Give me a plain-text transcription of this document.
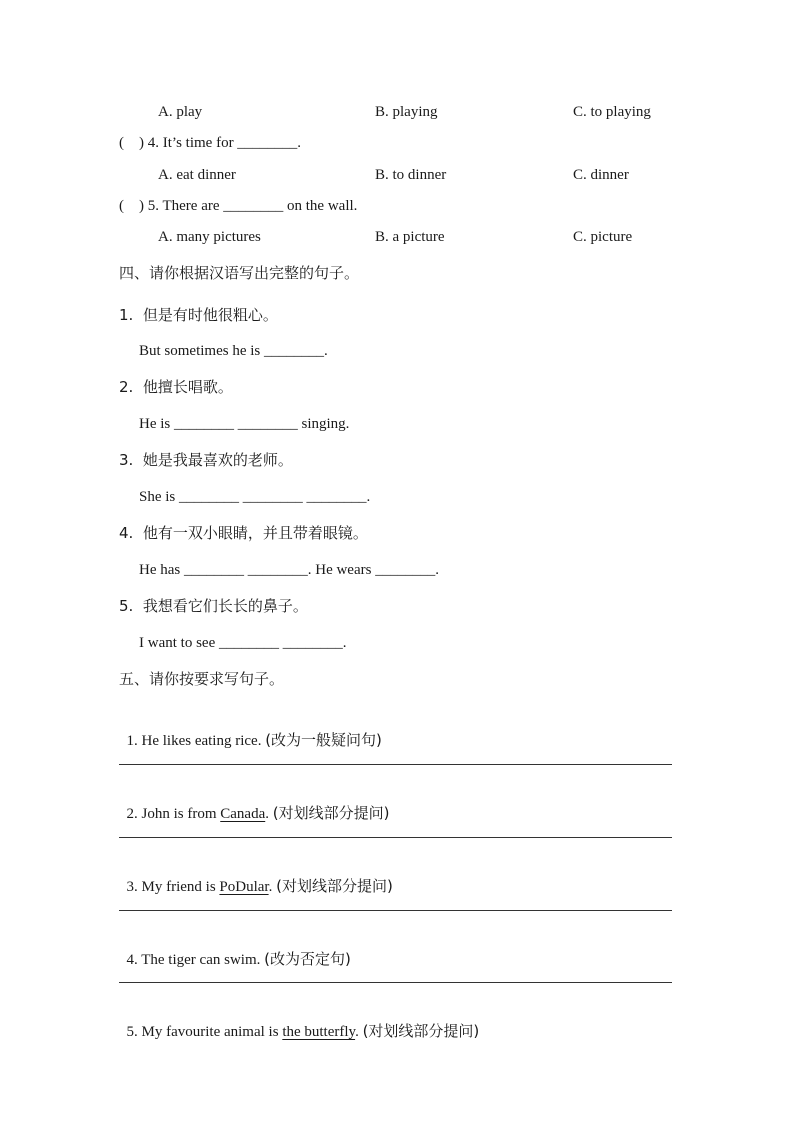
A. play	B. playing	C. to playing
(    ) 4. It’s time for ________.
A. eat dinner	B. to dinner	C. dinner
(    ) 5. There are ________ on the wall.
A. many pictures	B. a picture	C. picture
四、请你根据汉语写出完整的句子。
1.  但是有时他很粗心。
But sometimes he is ________.
2.  他擅长唱歌。
He is ________ ________ singing.
3.  她是我最喜欢的老师。
She is ________ ________ ________.
4.  他有一双小眼睛，并且带着眼镜。
He has ________ ________. He wears ________.
5.  我想看它们长长的鼻子。
I want to see ________ ________.
五、请你按要求写句子。

1. He likes eating rice. (改为一般疑问句)

2. John is from Canada. (对划线部分提问)

3. My friend is PoDular. (对划线部分提问)

4. The tiger can swim. (改为否定句)

5. My favourite animal is the butterfly. (对划线部分提问)
